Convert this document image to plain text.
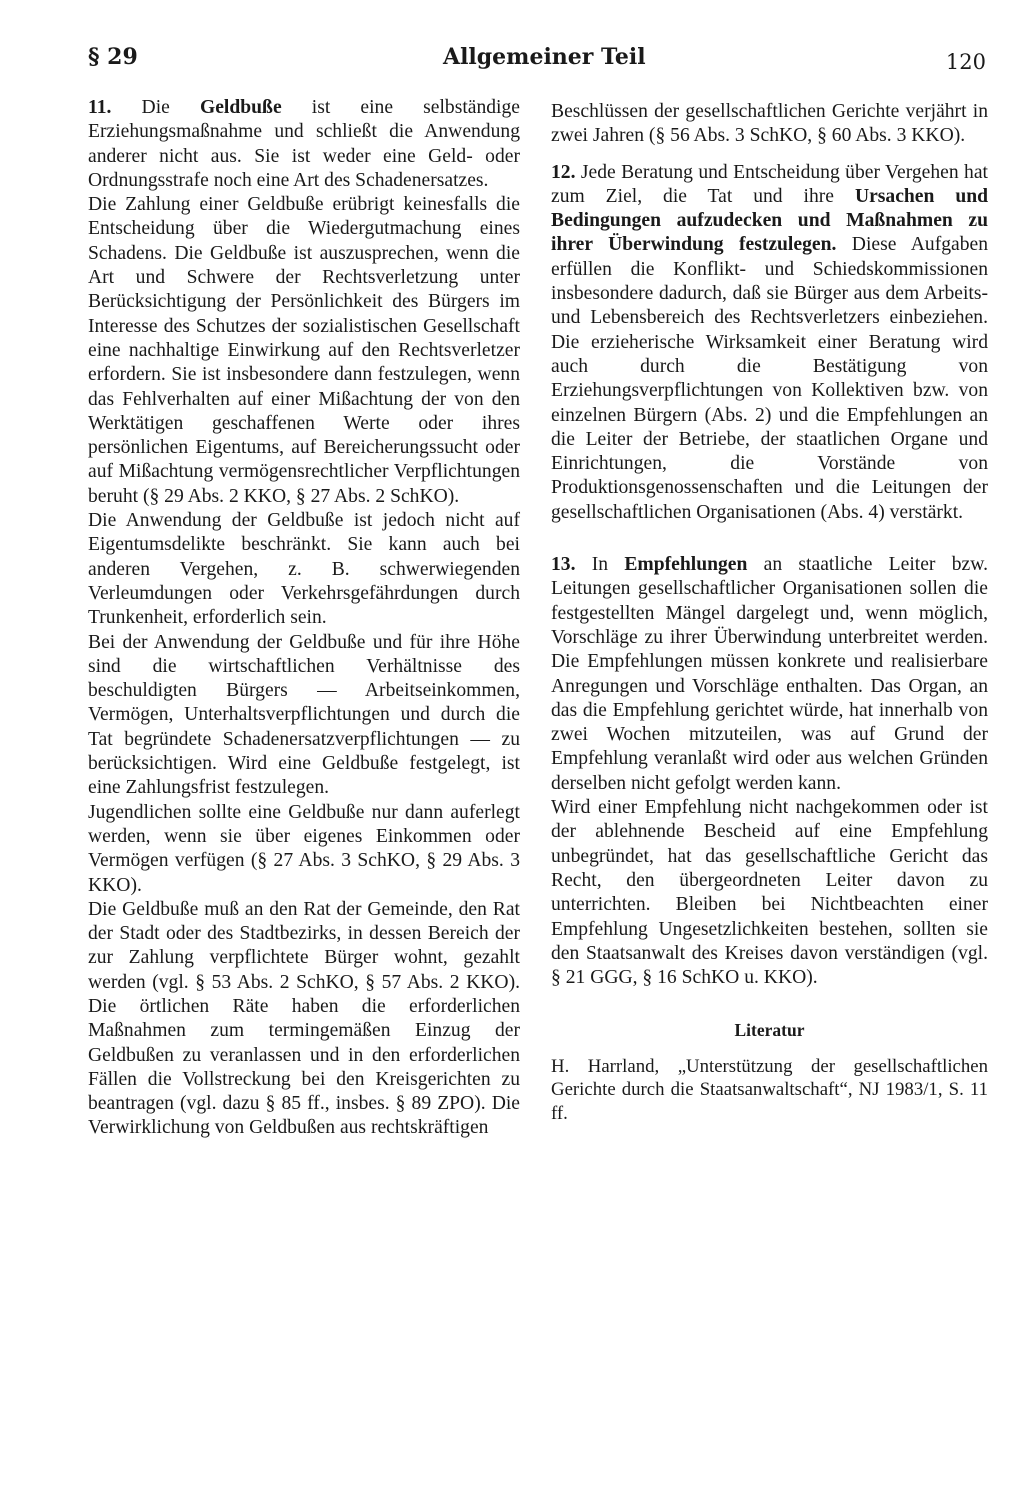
§ 29	Allgemeiner Teil	120

11. Die Geldbuße ist eine selbständige Erziehungsmaßnahme und schließt die Anwendung anderer nicht aus. Sie ist weder eine Geld- oder Ordnungsstrafe noch eine Art des Schadenersatzes.

Die Zahlung einer Geldbuße erübrigt keinesfalls die Entscheidung über die Wiedergutmachung eines Schadens. Die Geldbuße ist auszusprechen, wenn die Art und Schwere der Rechtsverletzung unter Berücksichtigung der Persönlichkeit des Bürgers im Interesse des Schutzes der sozialistischen Gesellschaft eine nachhaltige Einwirkung auf den Rechtsverletzer erfordern. Sie ist insbesondere dann festzulegen, wenn das Fehlverhalten auf einer Mißachtung der von den Werktätigen geschaffenen Werte oder ihres persönlichen Eigentums, auf Bereicherungssucht oder auf Mißachtung vermögensrechtlicher Verpflichtungen beruht (§ 29 Abs. 2 KKO, § 27 Abs. 2 SchKO).

Die Anwendung der Geldbuße ist jedoch nicht auf Eigentumsdelikte beschränkt. Sie kann auch bei anderen Vergehen, z. B. schwerwiegenden Verleumdungen oder Verkehrsgefährdungen durch Trunkenheit, erforderlich sein.

Bei der Anwendung der Geldbuße und für ihre Höhe sind die wirtschaftlichen Verhältnisse des beschuldigten Bürgers — Arbeitseinkommen, Vermögen, Unterhaltsverpflichtungen und durch die Tat begründete Schadenersatzverpflichtungen — zu berücksichtigen. Wird eine Geldbuße festgelegt, ist eine Zahlungsfrist festzulegen.

Jugendlichen sollte eine Geldbuße nur dann auferlegt werden, wenn sie über eigenes Einkommen oder Vermögen verfügen (§ 27 Abs. 3 SchKO, § 29 Abs. 3 KKO).

Die Geldbuße muß an den Rat der Gemeinde, den Rat der Stadt oder des Stadtbezirks, in dessen Bereich der zur Zahlung verpflichtete Bürger wohnt, gezahlt werden (vgl. § 53 Abs. 2 SchKO, § 57 Abs. 2 KKO). Die örtlichen Räte haben die erforderlichen Maßnahmen zum termingemäßen Einzug der Geldbußen zu veranlassen und in den erforderlichen Fällen die Vollstreckung bei den Kreisgerichten zu beantragen (vgl. dazu § 85 ff., insbes. § 89 ZPO). Die Verwirklichung von Geldbußen aus rechtskräftigen

Beschlüssen der gesellschaftlichen Gerichte verjährt in zwei Jahren (§ 56 Abs. 3 SchKO, § 60 Abs. 3 KKO).

12. Jede Beratung und Entscheidung über Vergehen hat zum Ziel, die Tat und ihre Ursachen und Bedingungen aufzudecken und Maßnahmen zu ihrer Überwindung festzulegen. Diese Aufgaben erfüllen die Konflikt- und Schiedskommissionen insbesondere dadurch, daß sie Bürger aus dem Arbeits- und Lebensbereich des Rechtsverletzers einbeziehen. Die erzieherische Wirksamkeit einer Beratung wird auch durch die Bestätigung von Erziehungsverpflichtungen von Kollektiven bzw. von einzelnen Bürgern (Abs. 2) und die Empfehlungen an die Leiter der Betriebe, der staatlichen Organe und Einrichtungen, die Vorstände von Produktionsgenossenschaften und die Leitungen der gesellschaftlichen Organisationen (Abs. 4) verstärkt.

13. In Empfehlungen an staatliche Leiter bzw. Leitungen gesellschaftlicher Organisationen sollen die festgestellten Mängel dargelegt und, wenn möglich, Vorschläge zu ihrer Überwindung unterbreitet werden. Die Empfehlungen müssen konkrete und realisierbare Anregungen und Vorschläge enthalten. Das Organ, an das die Empfehlung gerichtet würde, hat innerhalb von zwei Wochen mitzuteilen, was auf Grund der Empfehlung veranlaßt wird oder aus welchen Gründen derselben nicht gefolgt werden kann.

Wird einer Empfehlung nicht nachgekommen oder ist der ablehnende Bescheid auf eine Empfehlung unbegründet, hat das gesellschaftliche Gericht das Recht, den übergeordneten Leiter davon zu unterrichten. Bleiben bei Nichtbeachten einer Empfehlung Ungesetzlichkeiten bestehen, sollten sie den Staatsanwalt des Kreises davon verständigen (vgl. § 21 GGG, § 16 SchKO u. KKO).

Literatur

H. Harrland, „Unterstützung der gesellschaftlichen Gerichte durch die Staatsanwaltschaft“, NJ 1983/1, S. 11 ff.
